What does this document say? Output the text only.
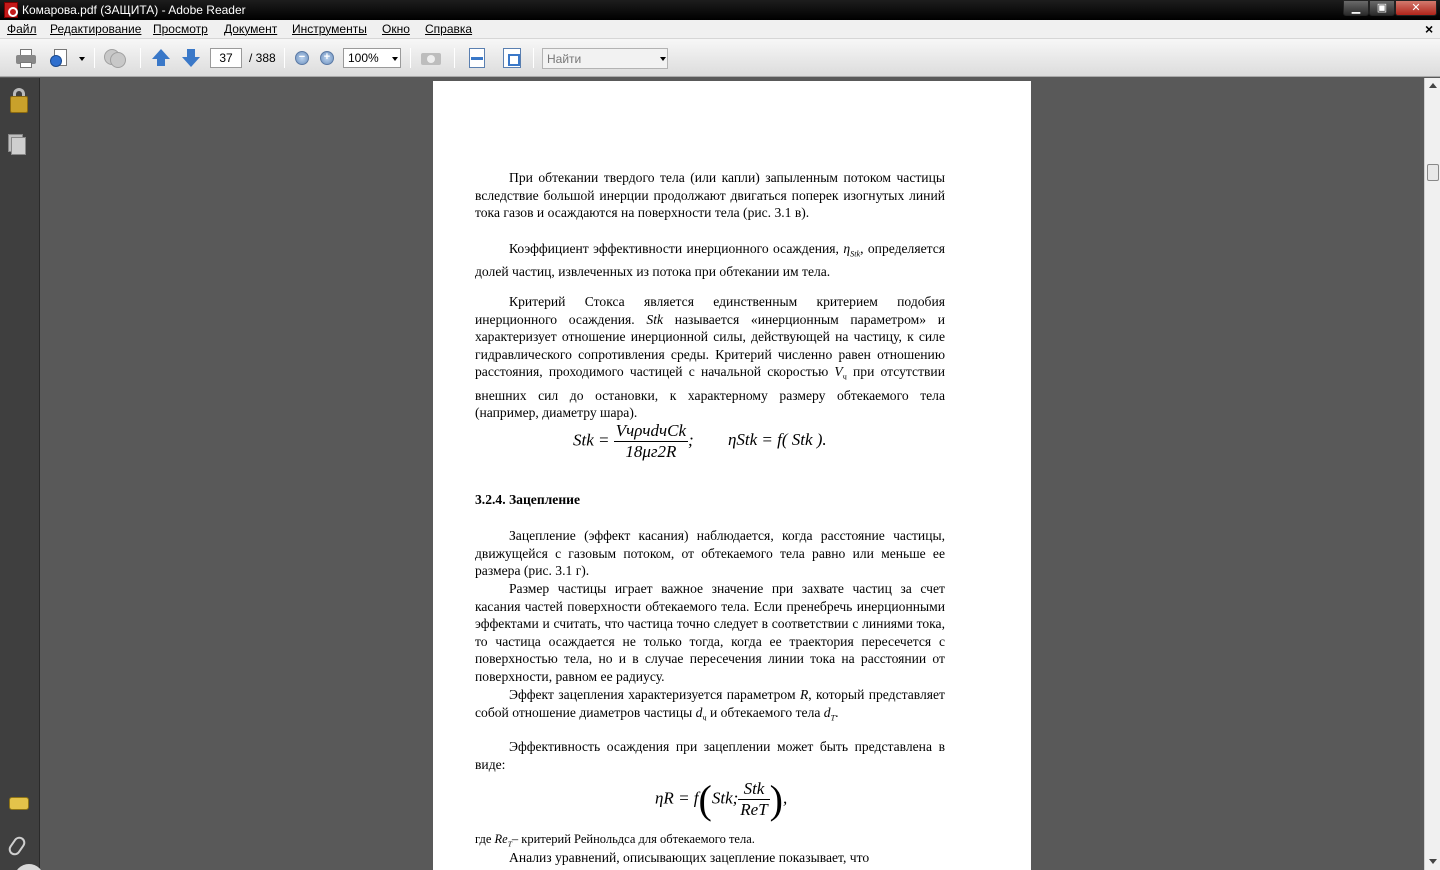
Комарова.pdf (ЗАЩИТА) - Adobe Reader	▁	▣	✕
Файл Редактирование Просмотр Документ Инструменты Окно Справка	×
37
/ 388	−	+	100%	Найти
При обтекании твердого тела (или капли) запыленным потоком частицы вследствие большой инерции продолжают двигаться поперек изогнутых линий тока газов и осаждаются на поверхности тела (рис. 3.1 в).
Коэффициент эффективности инерционного осаждения, $\eta_{Stk}$, определяется долей частиц, извлеченных из потока при обтекании им тела.
Критерий Стокса является единственным критерием подобия инерционного осаждения. Stk называется «инерционным параметром» и характеризует отношение инерционной силы, действующей на частицу, к силе гидравлического сопротивления среды. Критерий численно равен отношению расстояния, проходимого частицей с начальной скоростью $V_ч$ при отсутствии внешних сил до остановки, к характерному размеру обтекаемого тела (например, диаметру шара).
Stk = $\frac{\text{VчρчdчCk}}{18\mu г2R}$ ; ηStk = f( Stk ).
3.2.4. Зацепление
Зацепление (эффект касания) наблюдается, когда расстояние частицы, движущейся с газовым потоком, от обтекаемого тела равно или меньше ее размера (рис. 3.1 г).
Размер частицы играет важное значение при захвате частиц за счет касания частей поверхности обтекаемого тела. Если пренебречь инерционными эффектами и считать, что частица точно следует в соответствии с линиями тока, то частица осаждается не только тогда, когда ее траектория пересечется с поверхностью тела, но и в случае пересечения линии тока на расстоянии от поверхности, равном ее радиусу.
Эффект зацепления характеризуется параметром R, который представляет собой отношение диаметров частицы $d_ч$ и обтекаемого тела $d_T$.
Эффективность осаждения при зацеплении может быть представлена в виде:
ηR = f(Stk; $\frac{\text{Stk}}{\text{ReT}}$ ),
где $Re_T-$ критерий Рейнольдса для обтекаемого тела.
Анализ уравнений, описывающих зацепление показывает, что
